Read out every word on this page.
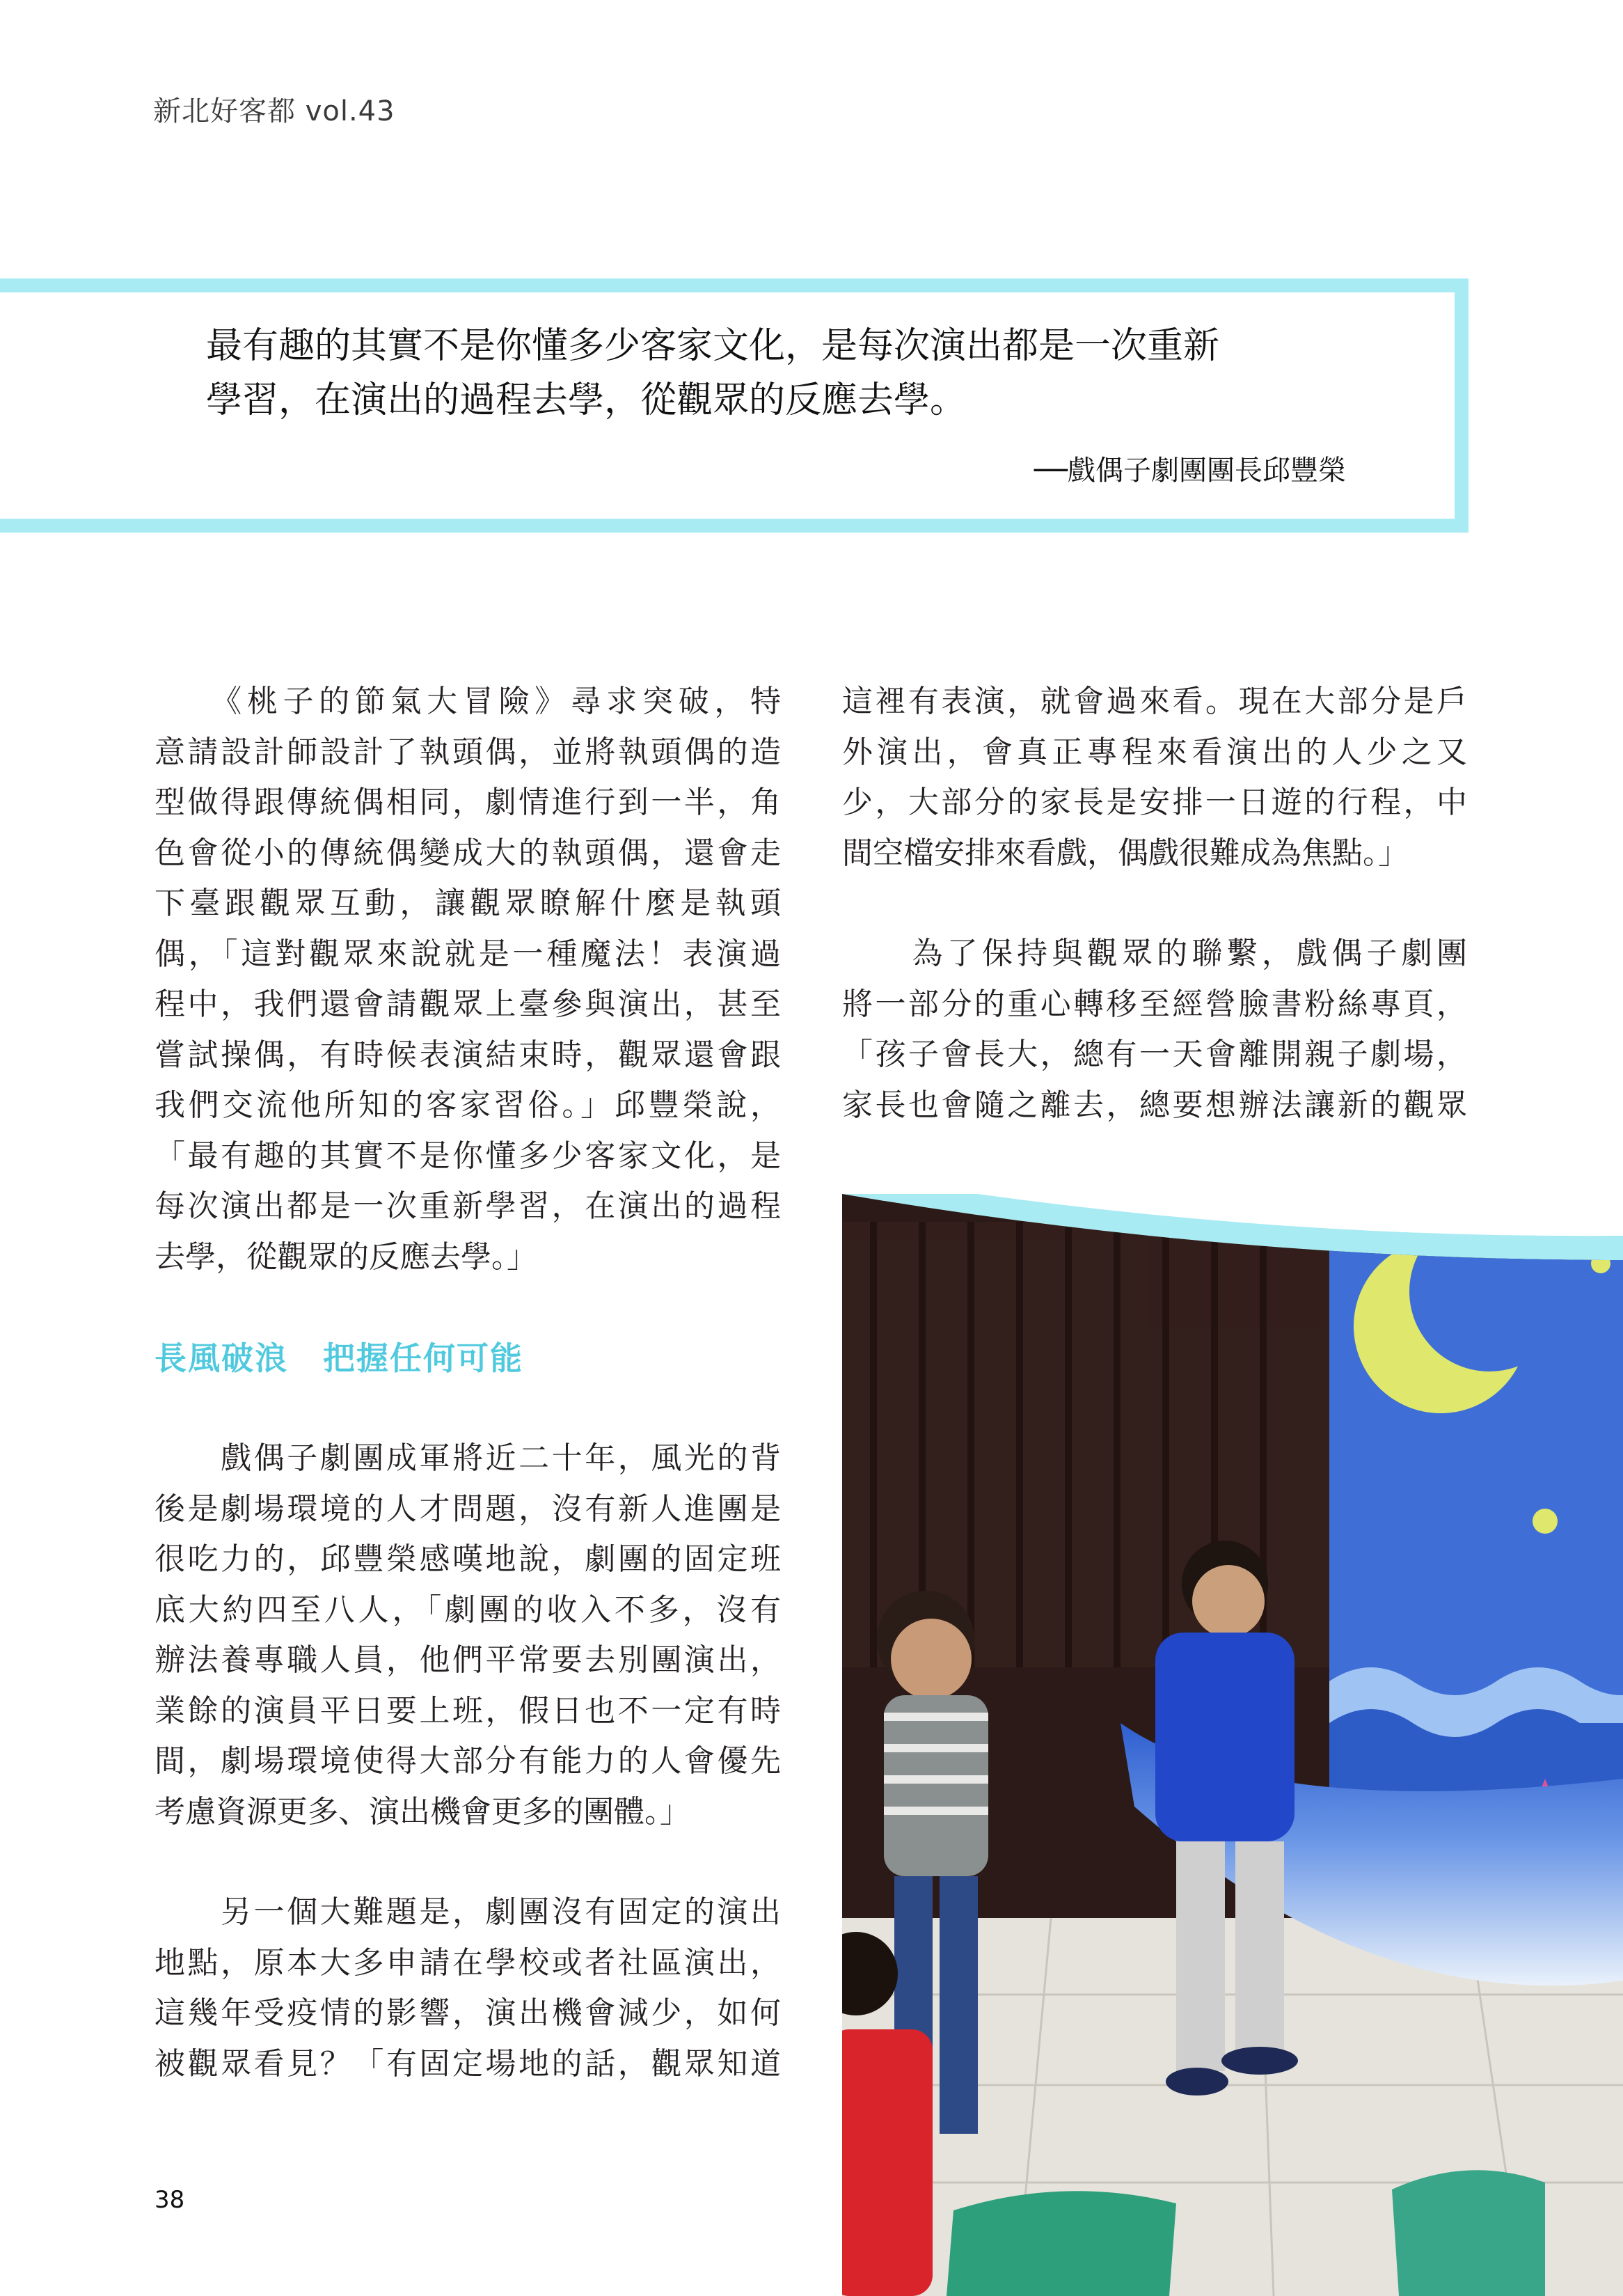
新北好客都 vol.43
最有趣的其實不是你懂多少客家文化，是每次演出都是一次重新
學習，在演出的過程去學，從觀眾的反應去學。
──戲偶子劇團團長邱豐榮

　　《桃子的節氣大冒險》尋求突破，特

意請設計師設計了執頭偶，並將執頭偶的造

型做得跟傳統偶相同，劇情進行到一半，角

色會從小的傳統偶變成大的執頭偶，還會走

下臺跟觀眾互動，讓觀眾瞭解什麼是執頭

偶，「這對觀眾來說就是一種魔法！表演過

程中，我們還會請觀眾上臺參與演出，甚至

嘗試操偶，有時候表演結束時，觀眾還會跟

我們交流他所知的客家習俗。」邱豐榮說，

「最有趣的其實不是你懂多少客家文化，是

每次演出都是一次重新學習，在演出的過程

去學，從觀眾的反應去學。」

　　戲偶子劇團成軍將近二十年，風光的背

後是劇場環境的人才問題，沒有新人進團是

很吃力的，邱豐榮感嘆地說，劇團的固定班

底大約四至八人，「劇團的收入不多，沒有

辦法養專職人員，他們平常要去別團演出，

業餘的演員平日要上班，假日也不一定有時

間，劇場環境使得大部分有能力的人會優先

考慮資源更多、演出機會更多的團體。」

　　另一個大難題是，劇團沒有固定的演出

地點，原本大多申請在學校或者社區演出，

這幾年受疫情的影響，演出機會減少，如何

被觀眾看見？「有固定場地的話，觀眾知道

長風破浪 把握任何可能

這裡有表演，就會過來看。現在大部分是戶

外演出，會真正專程來看演出的人少之又

少，大部分的家長是安排一日遊的行程，中

間空檔安排來看戲，偶戲很難成為焦點。」

　　為了保持與觀眾的聯繫，戲偶子劇團

將一部分的重心轉移至經營臉書粉絲專頁，

「孩子會長大，總有一天會離開親子劇場，

家長也會隨之離去，總要想辦法讓新的觀眾

38
